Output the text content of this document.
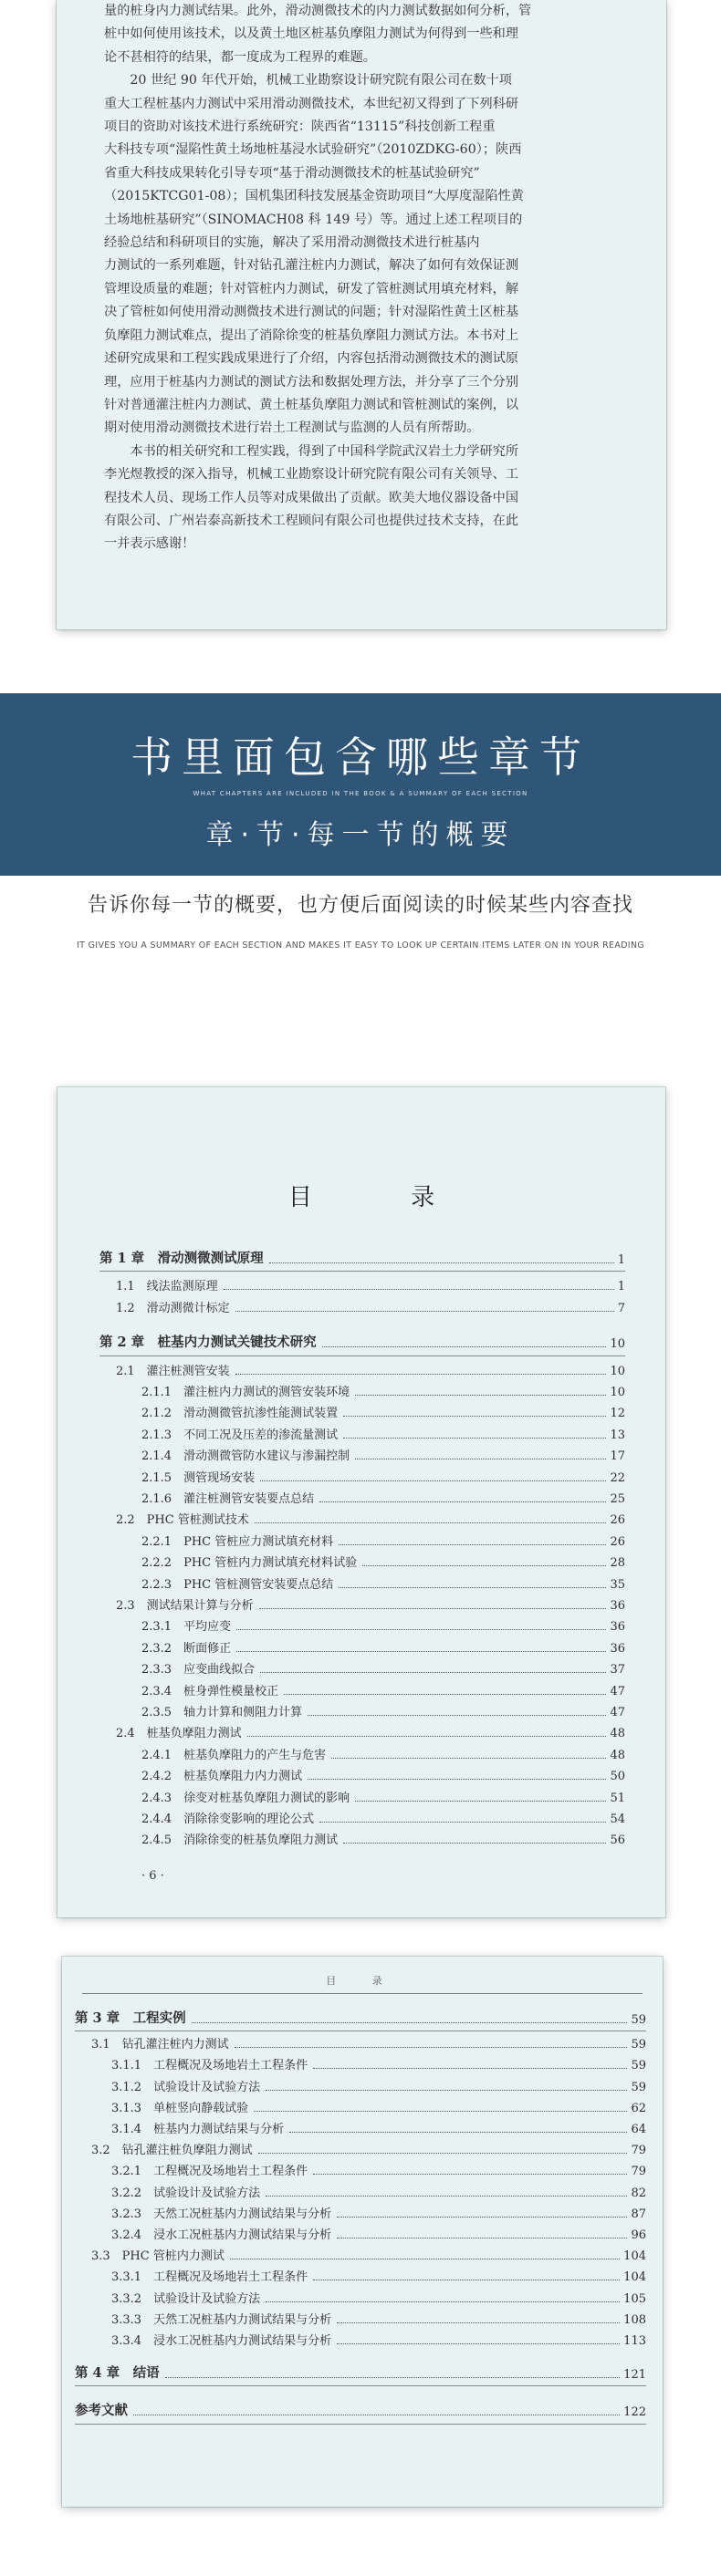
量的桩身内力测试结果。此外，滑动测微技术的内力测试数据如何分析，管

桩中如何使用该技术，以及黄土地区桩基负摩阻力测试为何得到一些和理

论不甚相符的结果，都一度成为工程界的难题。

20 世纪 90 年代开始，机械工业勘察设计研究院有限公司在数十项

重大工程桩基内力测试中采用滑动测微技术，本世纪初又得到了下列科研

项目的资助对该技术进行系统研究：陕西省“13115”科技创新工程重

大科技专项“湿陷性黄土场地桩基浸水试验研究”（2010ZDKG-60）；陕西

省重大科技成果转化引导专项“基于滑动测微技术的桩基试验研究”

（2015KTCG01-08）；国机集团科技发展基金资助项目“大厚度湿陷性黄

土场地桩基研究”（SINOMACH08 科 149 号）等。通过上述工程项目的

经验总结和科研项目的实施，解决了采用滑动测微技术进行桩基内

力测试的一系列难题，针对钻孔灌注桩内力测试，解决了如何有效保证测

管埋设质量的难题；针对管桩内力测试，研发了管桩测试用填充材料，解

决了管桩如何使用滑动测微技术进行测试的问题；针对湿陷性黄土区桩基

负摩阻力测试难点，提出了消除徐变的桩基负摩阻力测试方法。本书对上

述研究成果和工程实践成果进行了介绍，内容包括滑动测微技术的测试原

理，应用于桩基内力测试的测试方法和数据处理方法，并分享了三个分别

针对普通灌注桩内力测试、黄土桩基负摩阻力测试和管桩测试的案例，以

期对使用滑动测微技术进行岩土工程测试与监测的人员有所帮助。

本书的相关研究和工程实践，得到了中国科学院武汉岩土力学研究所

李光煜教授的深入指导，机械工业勘察设计研究院有限公司有关领导、工

程技术人员、现场工作人员等对成果做出了贡献。欧美大地仪器设备中国

有限公司、广州岩泰高新技术工程顾问有限公司也提供过技术支持，在此

一并表示感谢！

书里面包含哪些章节
WHAT CHAPTERS ARE INCLUDED IN THE BOOK & A SUMMARY OF EACH SECTION
章·节·每一节的概要
告诉你每一节的概要，也方便后面阅读的时候某些内容查找
IT GIVES YOU A SUMMARY OF EACH SECTION AND MAKES IT EASY TO LOOK UP CERTAIN ITEMS LATER ON IN YOUR READING
目 录
第 1 章　滑动测微测试原理	1
1.1　线法监测原理	1
1.2　滑动测微计标定	7
第 2 章　桩基内力测试关键技术研究	10
2.1　灌注桩测管安装	10
2.1.1　灌注桩内力测试的测管安装环境	10
2.1.2　滑动测微管抗渗性能测试装置	12
2.1.3　不同工况及压差的渗流量测试	13
2.1.4　滑动测微管防水建议与渗漏控制	17
2.1.5　测管现场安装	22
2.1.6　灌注桩测管安装要点总结	25
2.2　PHC 管桩测试技术	26
2.2.1　PHC 管桩应力测试填充材料	26
2.2.2　PHC 管桩内力测试填充材料试验	28
2.2.3　PHC 管桩测管安装要点总结	35
2.3　测试结果计算与分析	36
2.3.1　平均应变	36
2.3.2　断面修正	36
2.3.3　应变曲线拟合	37
2.3.4　桩身弹性模量校正	47
2.3.5　轴力计算和侧阻力计算	47
2.4　桩基负摩阻力测试	48
2.4.1　桩基负摩阻力的产生与危害	48
2.4.2　桩基负摩阻力内力测试	50
2.4.3　徐变对桩基负摩阻力测试的影响	51
2.4.4　消除徐变影响的理论公式	54
2.4.5　消除徐变的桩基负摩阻力测试	56
· 6 ·
目 录
第 3 章　工程实例	59
3.1　钻孔灌注桩内力测试	59
3.1.1　工程概况及场地岩土工程条件	59
3.1.2　试验设计及试验方法	59
3.1.3　单桩竖向静载试验	62
3.1.4　桩基内力测试结果与分析	64
3.2　钻孔灌注桩负摩阻力测试	79
3.2.1　工程概况及场地岩土工程条件	79
3.2.2　试验设计及试验方法	82
3.2.3　天然工况桩基内力测试结果与分析	87
3.2.4　浸水工况桩基内力测试结果与分析	96
3.3　PHC 管桩内力测试	104
3.3.1　工程概况及场地岩土工程条件	104
3.3.2　试验设计及试验方法	105
3.3.3　天然工况桩基内力测试结果与分析	108
3.3.4　浸水工况桩基内力测试结果与分析	113
第 4 章　结语	121
参考文献	122
